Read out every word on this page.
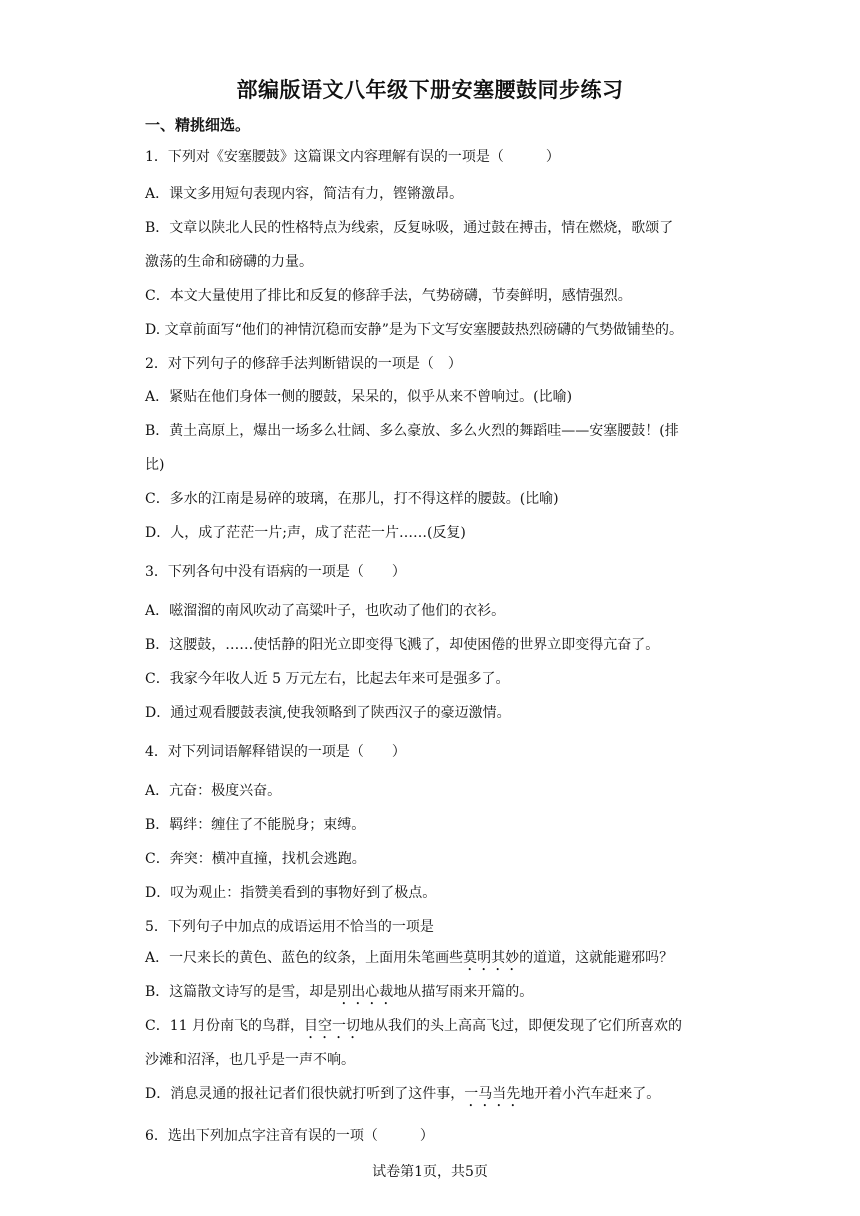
部编版语文八年级下册安塞腰鼓同步练习
一、精挑细选。
1．下列对《安塞腰鼓》这篇课文内容理解有误的一项是（　　　）
A．课文多用短句表现内容，简洁有力，铿锵激昂。
B．文章以陕北人民的性格特点为线索，反复咏吸，通过鼓在搏击，情在燃烧，歌颂了
激荡的生命和磅礴的力量。
C．本文大量使用了排比和反复的修辞手法，气势磅礴，节奏鲜明，感情强烈。
D. 文章前面写“他们的神情沉稳而安静”是为下文写安塞腰鼓热烈磅礴的气势做铺垫的。
2．对下列句子的修辞手法判断错误的一项是（　）
A．紧贴在他们身体一侧的腰鼓，呆呆的，似乎从来不曾响过。(比喻)
B．黄土高原上，爆出一场多么壮阔、多么豪放、多么火烈的舞蹈哇——安塞腰鼓！(排
比)
C．多水的江南是易碎的玻璃，在那儿，打不得这样的腰鼓。(比喻)
D．人，成了茫茫一片;声，成了茫茫一片……(反复)
3．下列各句中没有语病的一项是（　　）
A．嗞溜溜的南风吹动了高粱叶子，也吹动了他们的衣衫。
B．这腰鼓，……使恬静的阳光立即变得飞溅了，却使困倦的世界立即变得亢奋了。
C．我家今年收人近 5 万元左右，比起去年来可是强多了。
D．通过观看腰鼓表演,使我领略到了陕西汉子的豪迈激情。
4．对下列词语解释错误的一项是（　　）
A．亢奋：极度兴奋。
B．羁绊：缠住了不能脱身；束缚。
C．奔突：横冲直撞，找机会逃跑。
D．叹为观止：指赞美看到的事物好到了极点。
5．下列句子中加点的成语运用不恰当的一项是
A．一尺来长的黄色、蓝色的纹条，上面用朱笔画些莫明其妙的道道，这就能避邪吗？
B．这篇散文诗写的是雪，却是别出心裁地从描写雨来开篇的。
C．11 月份南飞的鸟群，目空一切地从我们的头上高高飞过，即便发现了它们所喜欢的
沙滩和沼泽，也几乎是一声不响。
D．消息灵通的报社记者们很快就打听到了这件事，一马当先地开着小汽车赶来了。
6．选出下列加点字注音有误的一项（　　　）
试卷第1页，共5页
